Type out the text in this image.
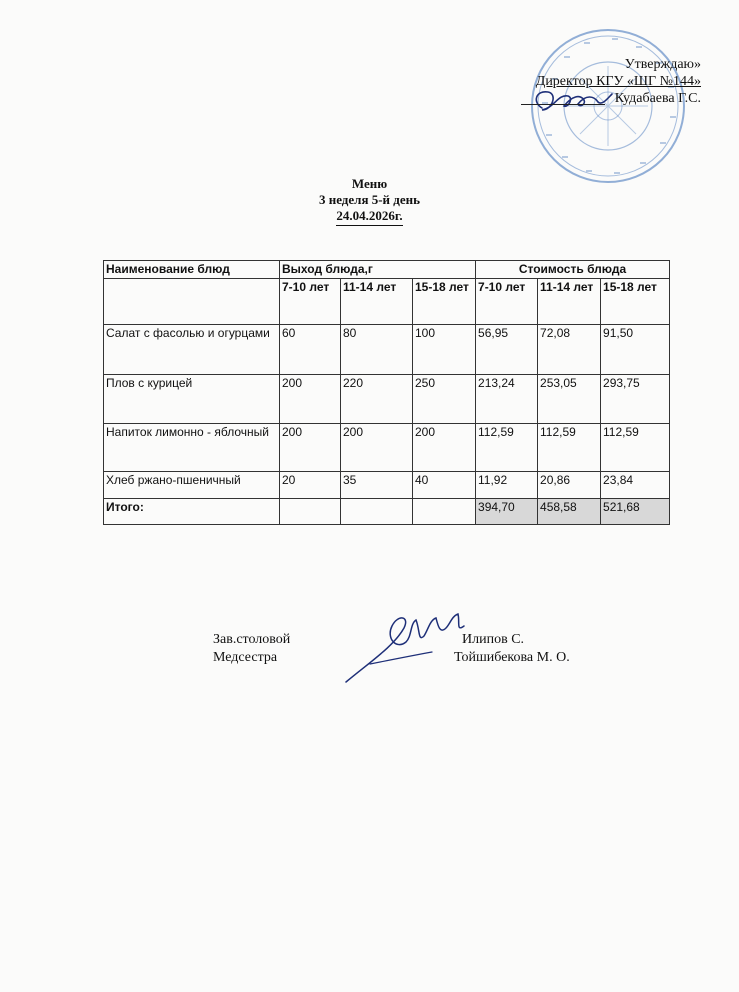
Утверждаю»
Директор КГУ «ШГ №144»
Кудабаева Г.С.
Меню
3 неделя 5-й день
24.04.2026г.
Наименование блюд	Выход блюда,г			Стоимость блюда		
	7-10 лет	11-14 лет	15-18 лет	7-10 лет	11-14 лет	15-18 лет
Салат с фасолью и огурцами	60	80	100	56,95	72,08	91,50
Плов с курицей	200	220	250	213,24	253,05	293,75
Напиток лимонно - яблочный	200	200	200	112,59	112,59	112,59
Хлеб ржано-пшеничный	20	35	40	11,92	20,86	23,84
Итого:				394,70	458,58	521,68
Зав.столовой
Медсестра
Илипов С.
Тойшибекова М. О.
